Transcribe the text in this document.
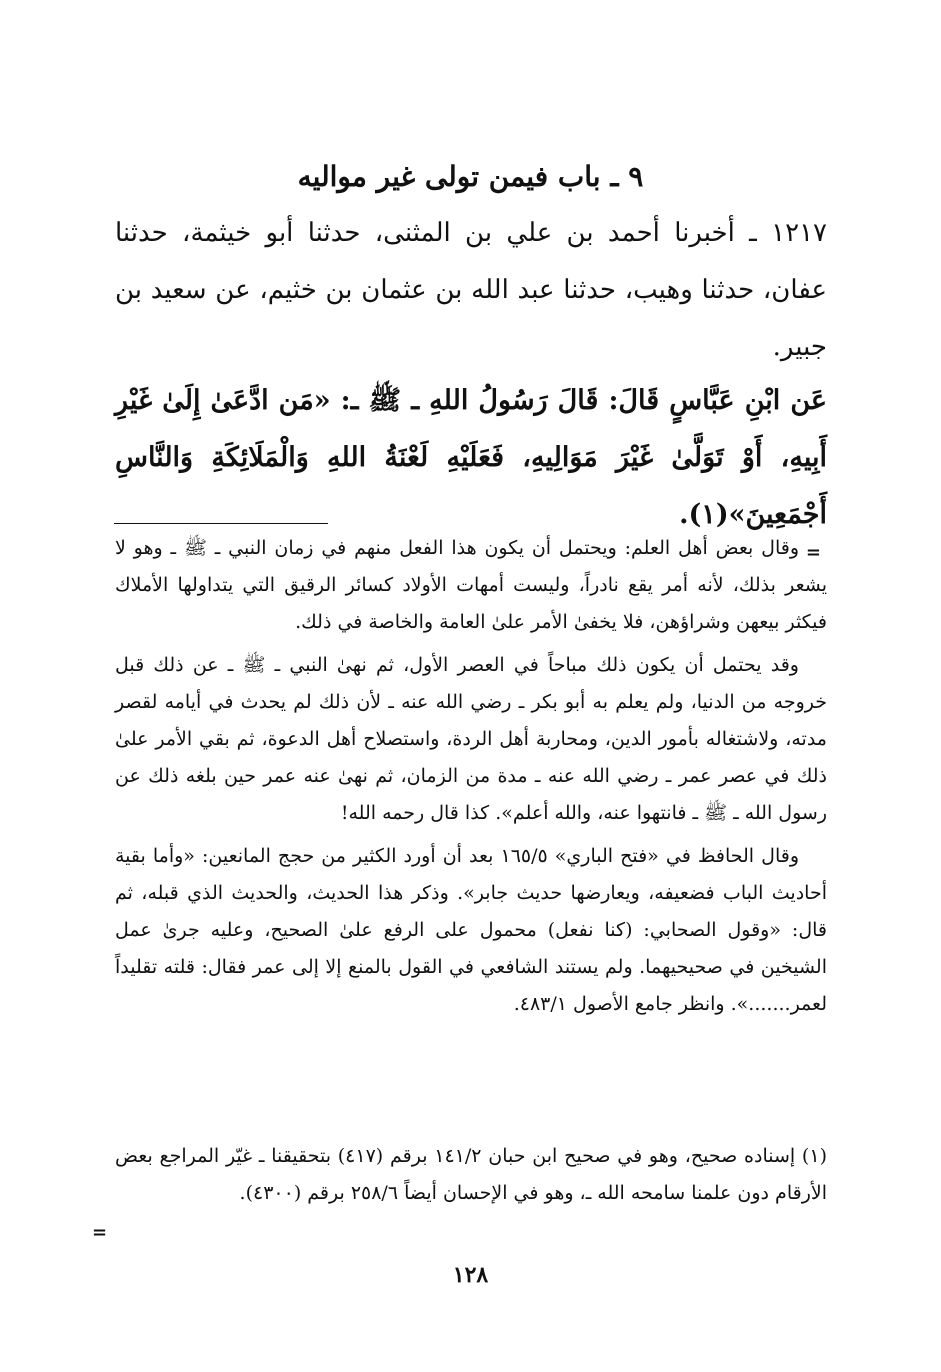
٩ ـ باب فيمن تولى غير مواليه

١٢١٧ ـ أخبرنا أحمد بن علي بن المثنى، حدثنا أبو خيثمة، حدثنا عفان، حدثنا وهيب، حدثنا عبد الله بن عثمان بن خثيم، عن سعيد بن جبير.

عَن ابْنِ عَبَّاسٍ قَالَ: قَالَ رَسُولُ اللهِ ـ ﷺ ـ: «مَن ادَّعَىٰ إِلَىٰ غَيْرِ أَبِيهِ، أَوْ تَوَلَّىٰ غَيْرَ مَوَالِيهِ، فَعَلَيْهِ لَعْنَةُ اللهِ وَالْمَلَائِكَةِ وَالنَّاسِ أَجْمَعِينَ»(١).

=

وقال بعض أهل العلم: ويحتمل أن يكون هذا الفعل منهم في زمان النبي ـ ﷺ ـ وهو لا يشعر بذلك، لأنه أمر يقع نادراً، وليست أمهات الأولاد كسائر الرقيق التي يتداولها الأملاك فيكثر بيعهن وشراؤهن، فلا يخفىٰ الأمر علىٰ العامة والخاصة في ذلك.

وقد يحتمل أن يكون ذلك مباحاً في العصر الأول، ثم نهىٰ النبي ـ ﷺ ـ عن ذلك قبل خروجه من الدنيا، ولم يعلم به أبو بكر ـ رضي الله عنه ـ لأن ذلك لم يحدث في أيامه لقصر مدته، ولاشتغاله بأمور الدين، ومحاربة أهل الردة، واستصلاح أهل الدعوة، ثم بقي الأمر علىٰ ذلك في عصر عمر ـ رضي الله عنه ـ مدة من الزمان، ثم نهىٰ عنه عمر حين بلغه ذلك عن رسول الله ـ ﷺ ـ فانتهوا عنه، والله أعلم». كذا قال رحمه الله!

وقال الحافظ في «فتح الباري» ١٦٥/٥ بعد أن أورد الكثير من حجج المانعين: «وأما بقية أحاديث الباب فضعيفه، ويعارضها حديث جابر». وذكر هذا الحديث، والحديث الذي قبله، ثم قال: «وقول الصحابي: (كنا نفعل) محمول على الرفع علىٰ الصحيح، وعليه جرىٰ عمل الشيخين في صحيحيهما. ولم يستند الشافعي في القول بالمنع إلا إلى عمر فقال: قلته تقليداً لعمر.......». وانظر جامع الأصول ٤٨٣/١.

(١) إسناده صحيح، وهو في صحيح ابن حبان ١٤١/٢ برقم (٤١٧) بتحقيقنا ـ غيّر المراجع بعض الأرقام دون علمنا سامحه الله ـ، وهو في الإحسان أيضاً ٢٥٨/٦ برقم (٤٣٠٠).

=
١٢٨
